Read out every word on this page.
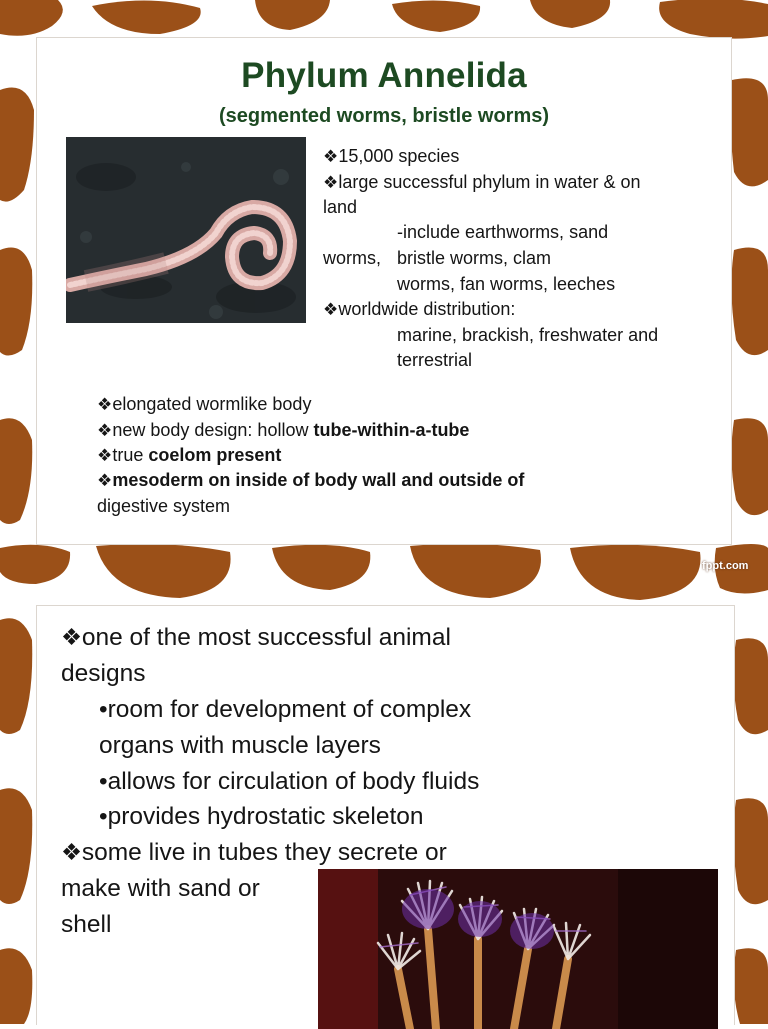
Phylum Annelida
(segmented worms, bristle worms)
❖15,000 species
❖large successful phylum in water & on
land
-include earthworms, sand
worms, bristle worms, clam
worms, fan worms, leeches
❖worldwide distribution:
marine, brackish, freshwater and
terrestrial
❖elongated wormlike body
❖new body design: hollow tube-within-a-tube
❖true coelom present
❖mesoderm on inside of body wall and outside of
digestive system
fppt.com
❖one of the most successful animal
designs
•room for development of complex
organs with muscle layers
•allows for circulation of body fluids
•provides hydrostatic skeleton
❖some live in tubes they secrete or
make with sand or
shell
